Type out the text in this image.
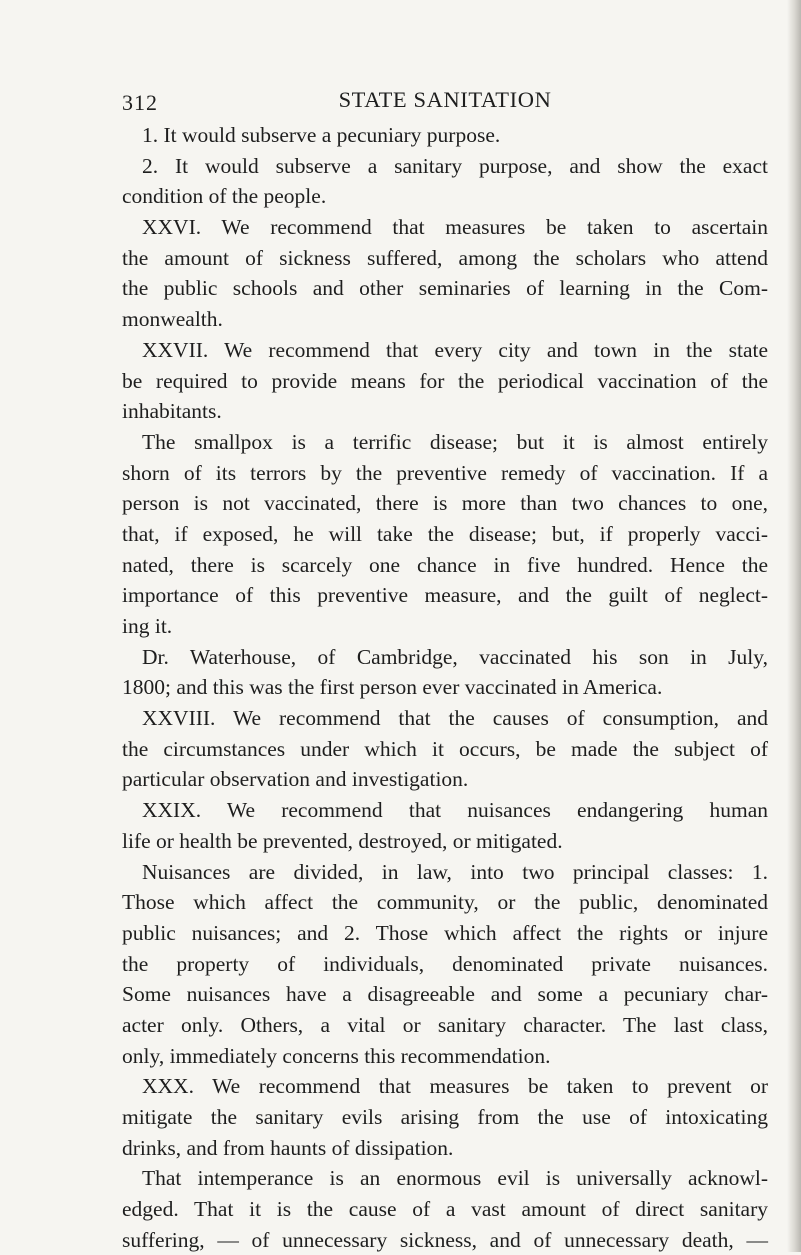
312	STATE SANITATION
1. It would subserve a pecuniary purpose.
2. It would subserve a sanitary purpose, and show the exact
condition of the people.
XXVI. We recommend that measures be taken to ascertain
the amount of sickness suffered, among the scholars who attend
the public schools and other seminaries of learning in the Com-
monwealth.
XXVII. We recommend that every city and town in the state
be required to provide means for the periodical vaccination of the
inhabitants.
The smallpox is a terrific disease; but it is almost entirely
shorn of its terrors by the preventive remedy of vaccination. If a
person is not vaccinated, there is more than two chances to one,
that, if exposed, he will take the disease; but, if properly vacci-
nated, there is scarcely one chance in five hundred. Hence the
importance of this preventive measure, and the guilt of neglect-
ing it.
Dr. Waterhouse, of Cambridge, vaccinated his son in July,
1800; and this was the first person ever vaccinated in America.
XXVIII. We recommend that the causes of consumption, and
the circumstances under which it occurs, be made the subject of
particular observation and investigation.
XXIX. We recommend that nuisances endangering human
life or health be prevented, destroyed, or mitigated.
Nuisances are divided, in law, into two principal classes: 1.
Those which affect the community, or the public, denominated
public nuisances; and 2. Those which affect the rights or injure
the property of individuals, denominated private nuisances.
Some nuisances have a disagreeable and some a pecuniary char-
acter only. Others, a vital or sanitary character. The last class,
only, immediately concerns this recommendation.
XXX. We recommend that measures be taken to prevent or
mitigate the sanitary evils arising from the use of intoxicating
drinks, and from haunts of dissipation.
That intemperance is an enormous evil is universally acknowl-
edged. That it is the cause of a vast amount of direct sanitary
suffering, — of unnecessary sickness, and of unnecessary death, —
